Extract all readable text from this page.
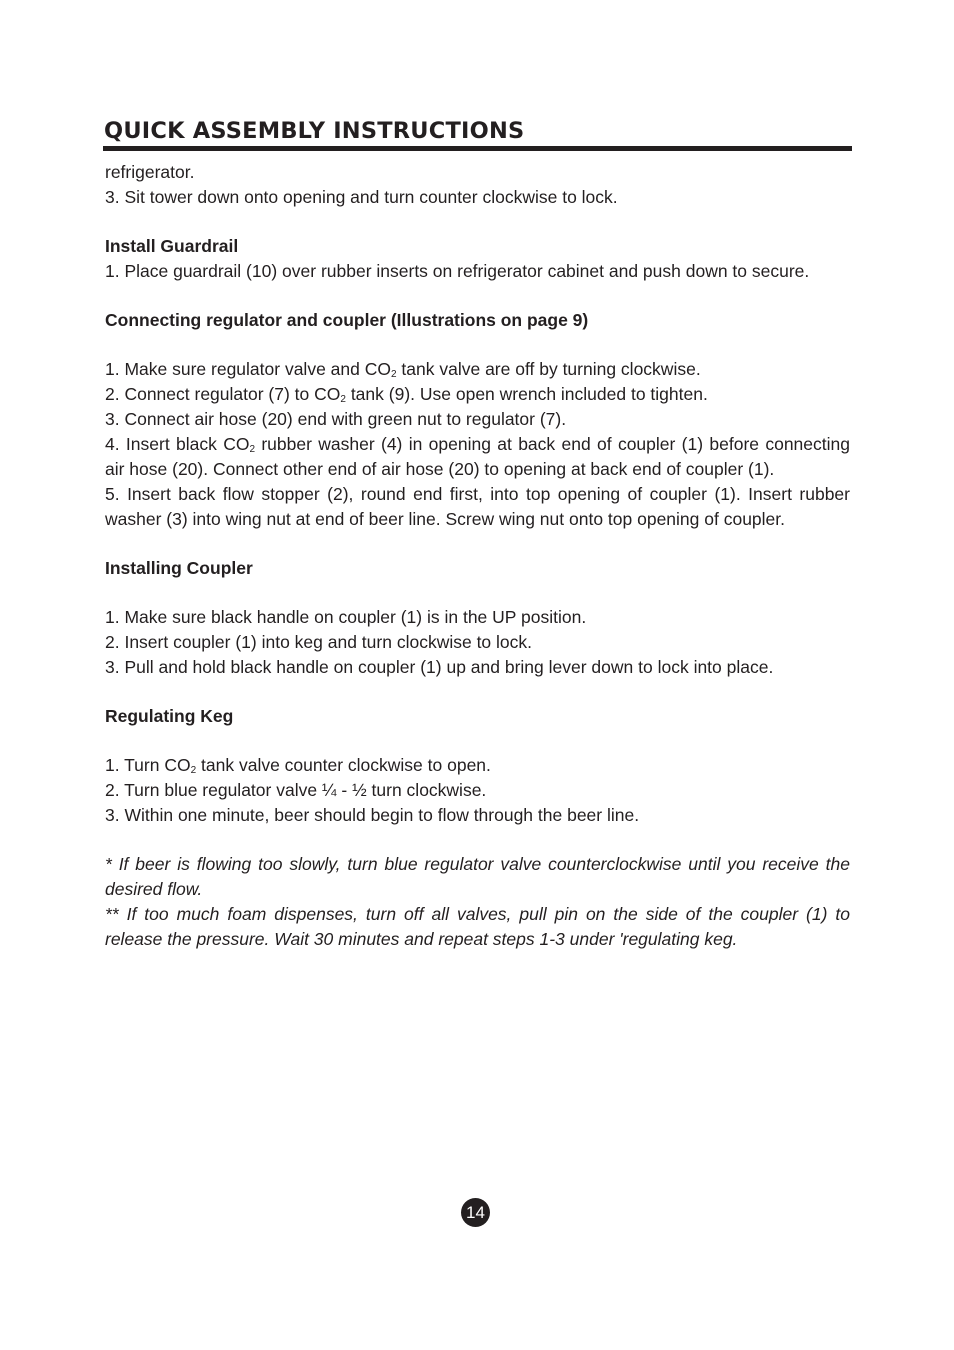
QUICK ASSEMBLY INSTRUCTIONS

refrigerator.

3. Sit tower down onto opening and turn counter clockwise to lock.

Install Guardrail

1. Place guardrail (10) over rubber inserts on refrigerator cabinet and push down to secure.

Connecting regulator and coupler (Illustrations on page 9)

1. Make sure regulator valve and $CO_2$ tank valve are off by turning clockwise.

2. Connect regulator (7) to $CO_2$ tank (9). Use open wrench included to tighten.

3. Connect air hose (20) end with green nut to regulator (7).

4. Insert black $CO_2$ rubber washer (4) in opening at back end of coupler (1) before connecting air hose (20). Connect other end of air hose (20) to opening at back end of coupler (1).

5. Insert back flow stopper (2), round end first, into top opening of coupler (1). Insert rubber washer (3) into wing nut at end of beer line. Screw wing nut onto top opening of coupler.

Installing Coupler

1. Make sure black handle on coupler (1) is in the UP position.

2. Insert coupler (1) into keg and turn clockwise to lock.

3. Pull and hold black handle on coupler (1) up and bring lever down to lock into place.

Regulating Keg

1. Turn $CO_2$ tank valve counter clockwise to open.

2. Turn blue regulator valve ¼ - ½ turn clockwise.

3. Within one minute, beer should begin to flow through the beer line.

* If beer is flowing too slowly, turn blue regulator valve counterclockwise until you receive the desired flow.

** If too much foam dispenses, turn off all valves, pull pin on the side of the coupler (1) to release the pressure. Wait 30 minutes and repeat steps 1-3 under 'regulating keg.

14
